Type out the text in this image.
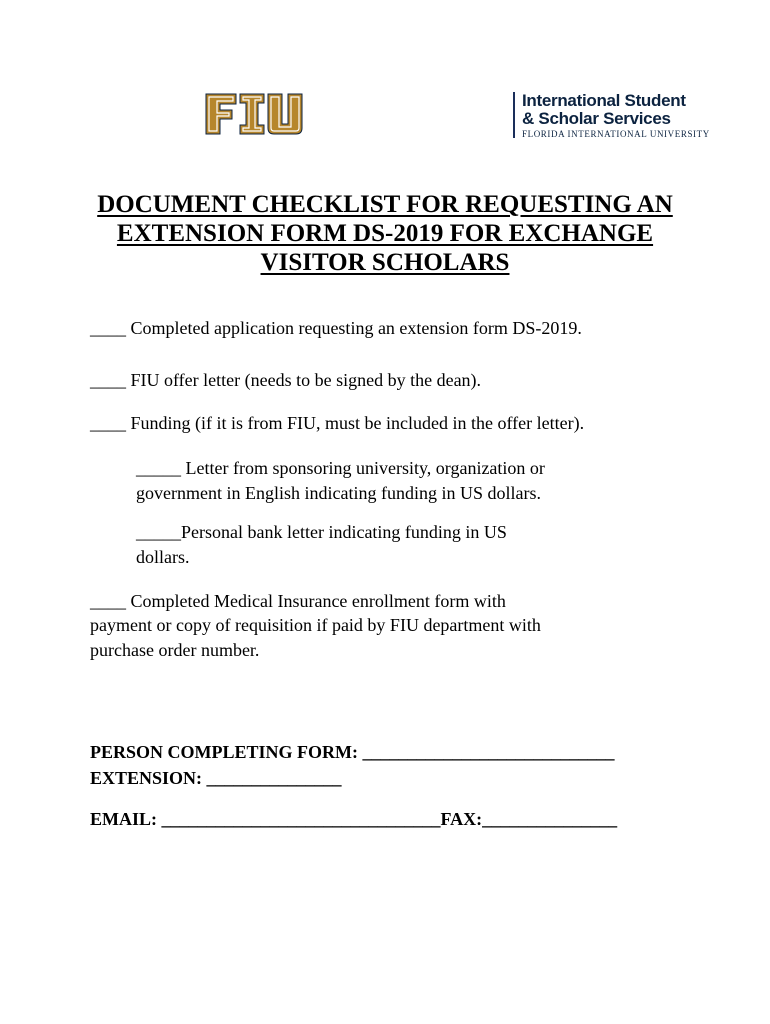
International Student
& Scholar Services
FLORIDA INTERNATIONAL UNIVERSITY
DOCUMENT CHECKLIST FOR REQUESTING AN
EXTENSION FORM DS-2019 FOR EXCHANGE
VISITOR SCHOLARS
____ Completed application requesting an extension form DS-2019.
____ FIU offer letter (needs to be signed by the dean).
____ Funding (if it is from FIU, must be included in the offer letter).
_____ Letter from sponsoring university, organization or
government in English indicating funding in US dollars.
_____Personal bank letter indicating funding in US
dollars.
____ Completed Medical Insurance enrollment form with
payment or copy of requisition if paid by FIU department with
purchase order number.
PERSON COMPLETING FORM: ____________________________
EXTENSION: _______________
EMAIL: _______________________________FAX:_______________
